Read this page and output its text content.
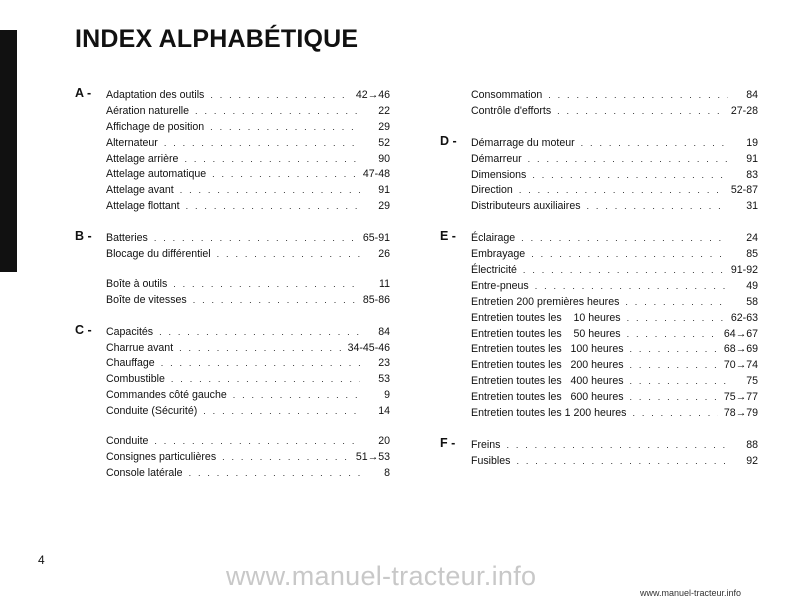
INDEX ALPHABÉTIQUE
A - Adaptation des outils . . .	42→46
Aération naturelle . . .	22
Affichage de position . . .	29
Alternateur . . .	52
Attelage arrière . . .	90
Attelage automatique . . .	47-48
Attelage avant . . .	91
Attelage flottant . . .	29
B - Batteries . . .	65-91
Blocage du différentiel . . .	26
Boîte à outils . . .	11
Boîte de vitesses . . .	85-86
C - Capacités . . .	84
Charrue avant . . .	34-45-46
Chauffage . . .	23
Combustible . . .	53
Commandes côté gauche . . .	9
Conduite (Sécurité) . . .	14
Conduite . . .	20
Consignes particulières . . .	51→53
Console latérale . . .	8
Consommation . . .	84
Contrôle d'efforts . . .	27-28
D - Démarrage du moteur . . .	19
Démarreur . . .	91
Dimensions . . .	83
Direction . . .	52-87
Distributeurs auxiliaires . . .	31
E - Éclairage . . .	24
Embrayage . . .	85
Électricité . . .	91-92
Entre-pneus . . .	49
Entretien 200 premières heures . . .	58
Entretien toutes les    10 heures . . .	62-63
Entretien toutes les    50 heures . . .	64→67
Entretien toutes les   100 heures . . .	68→69
Entretien toutes les   200 heures . . .	70→74
Entretien toutes les   400 heures . . .	75
Entretien toutes les   600 heures . . .	75→77
Entretien toutes les 1 200 heures . . .	78→79
F - Freins . . .	88
Fusibles . . .	92
4
www.manuel-tracteur.info
www.manuel-tracteur.info
